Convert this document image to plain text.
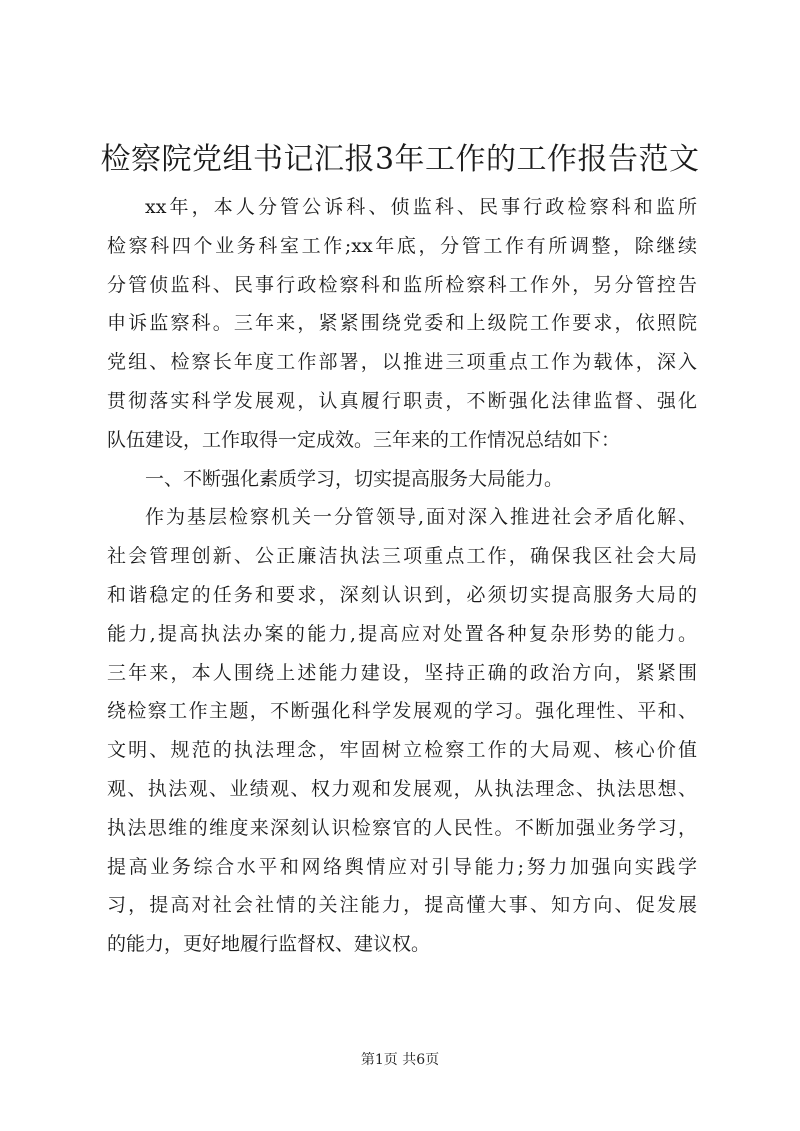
检察院党组书记汇报3年工作的工作报告范文
xx年，本人分管公诉科、侦监科、民事行政检察科和监所
检察科四个业务科室工作;xx年底，分管工作有所调整，除继续
分管侦监科、民事行政检察科和监所检察科工作外，另分管控告
申诉监察科。三年来，紧紧围绕党委和上级院工作要求，依照院
党组、检察长年度工作部署，以推进三项重点工作为载体，深入
贯彻落实科学发展观，认真履行职责，不断强化法律监督、强化
队伍建设，工作取得一定成效。三年来的工作情况总结如下：
一、不断强化素质学习，切实提高服务大局能力。
作为基层检察机关一分管领导,面对深入推进社会矛盾化解、
社会管理创新、公正廉洁执法三项重点工作，确保我区社会大局
和谐稳定的任务和要求，深刻认识到，必须切实提高服务大局的
能力,提高执法办案的能力,提高应对处置各种复杂形势的能力。
三年来，本人围绕上述能力建设，坚持正确的政治方向，紧紧围
绕检察工作主题，不断强化科学发展观的学习。强化理性、平和、
文明、规范的执法理念，牢固树立检察工作的大局观、核心价值
观、执法观、业绩观、权力观和发展观，从执法理念、执法思想、
执法思维的维度来深刻认识检察官的人民性。不断加强业务学习，
提高业务综合水平和网络舆情应对引导能力;努力加强向实践学
习，提高对社会社情的关注能力，提高懂大事、知方向、促发展
的能力，更好地履行监督权、建议权。
第1页 共6页
